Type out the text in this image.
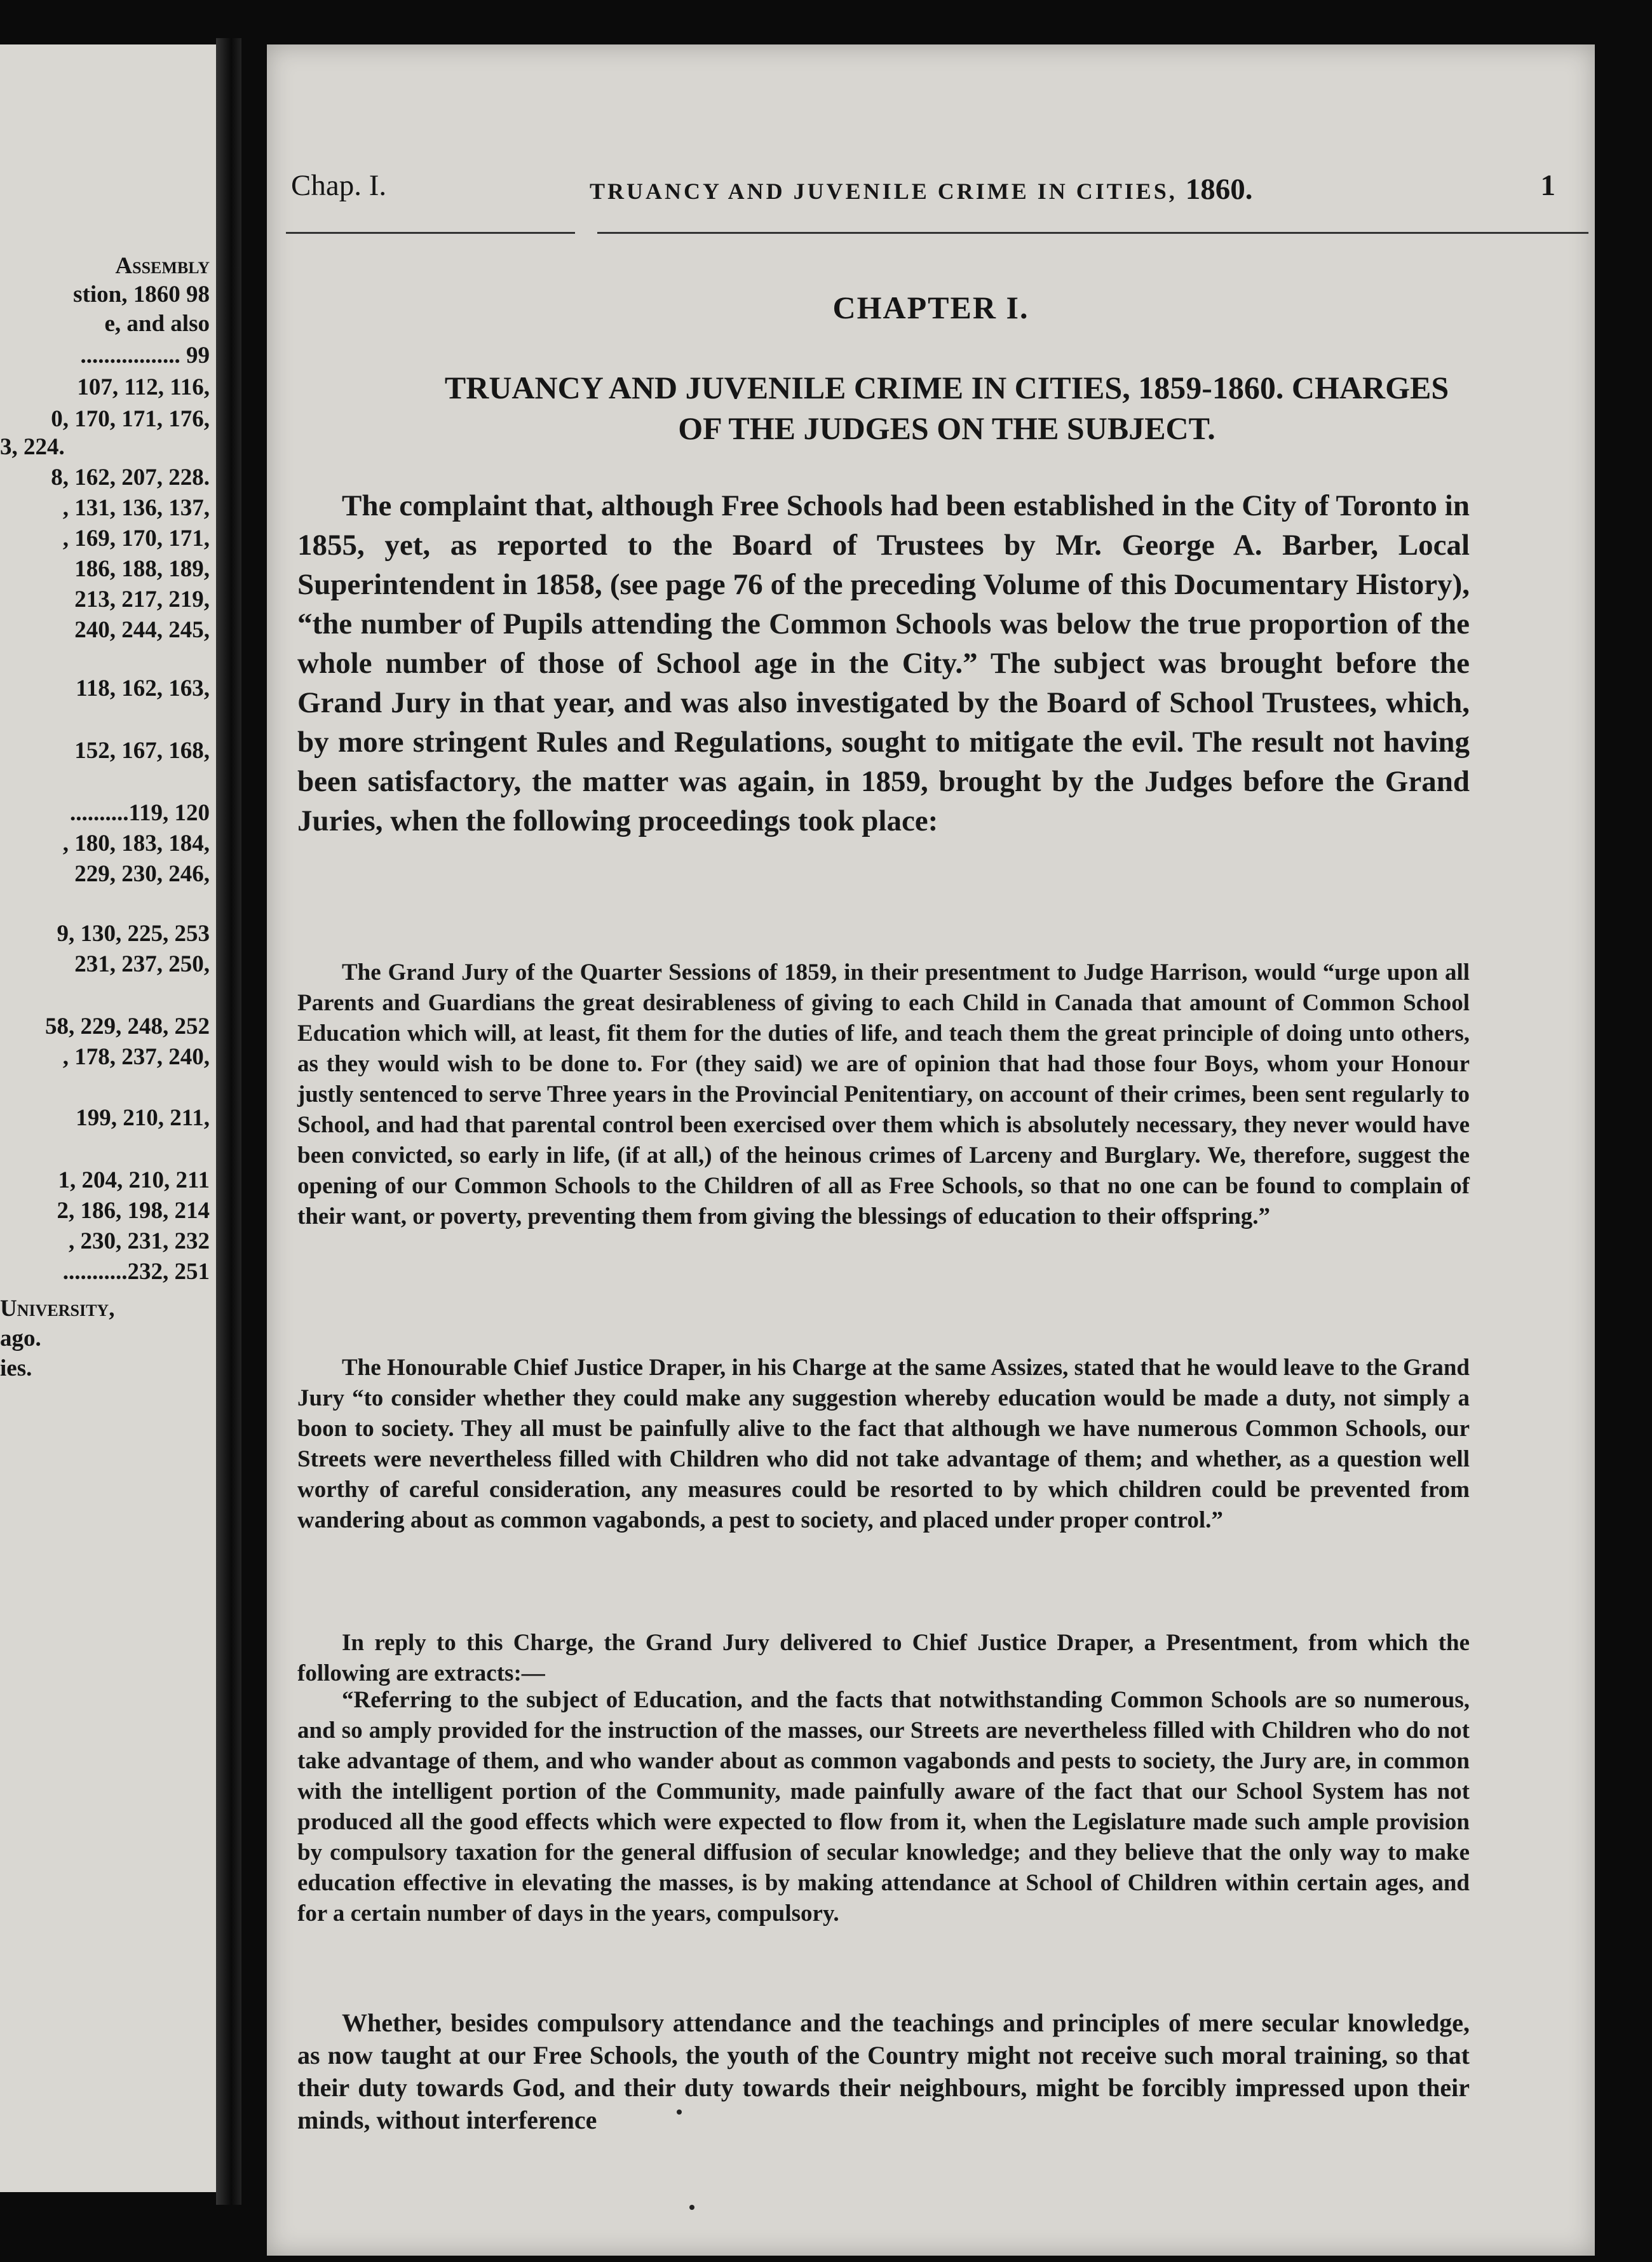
Assembly
stion, 1860 98
e, and also
................. 99
107, 112, 116,
0, 170, 171, 176,
3, 224.
8, 162, 207, 228.
, 131, 136, 137,
, 169, 170, 171,
186, 188, 189,
213, 217, 219,
240, 244, 245,
118, 162, 163,
152, 167, 168,
..........119, 120
, 180, 183, 184,
229, 230, 246,
9, 130, 225, 253
231, 237, 250,
58, 229, 248, 252
, 178, 237, 240,
199, 210, 211,
1, 204, 210, 211
2, 186, 198, 214
, 230, 231, 232
...........232, 251
University,
ago.
ies.
Chap. I.	TRUANCY AND JUVENILE CRIME IN CITIES, 1860.	1
CHAPTER I.
TRUANCY AND JUVENILE CRIME IN CITIES, 1859-1860. CHARGES
OF THE JUDGES ON THE SUBJECT.

The complaint that, although Free Schools had been established in the City of Toronto in 1855, yet, as reported to the Board of Trustees by Mr. George A. Barber, Local Superintendent in 1858, (see page 76 of the preceding Volume of this Documentary History), “the number of Pupils attending the Common Schools was below the true proportion of the whole number of those of School age in the City.” The subject was brought before the Grand Jury in that year, and was also investigated by the Board of School Trustees, which, by more stringent Rules and Regulations, sought to mitigate the evil. The result not having been satisfactory, the matter was again, in 1859, brought by the Judges before the Grand Juries, when the following proceedings took place:

The Grand Jury of the Quarter Sessions of 1859, in their presentment to Judge Harrison, would “urge upon all Parents and Guardians the great desirableness of giving to each Child in Canada that amount of Common School Education which will, at least, fit them for the duties of life, and teach them the great principle of doing unto others, as they would wish to be done to. For (they said) we are of opinion that had those four Boys, whom your Honour justly sentenced to serve Three years in the Provincial Penitentiary, on account of their crimes, been sent regularly to School, and had that parental control been exercised over them which is absolutely necessary, they never would have been convicted, so early in life, (if at all,) of the heinous crimes of Larceny and Burglary. We, therefore, suggest the opening of our Common Schools to the Children of all as Free Schools, so that no one can be found to complain of their want, or poverty, preventing them from giving the blessings of education to their offspring.”

The Honourable Chief Justice Draper, in his Charge at the same Assizes, stated that he would leave to the Grand Jury “to consider whether they could make any suggestion whereby education would be made a duty, not simply a boon to society. They all must be painfully alive to the fact that although we have numerous Common Schools, our Streets were nevertheless filled with Children who did not take advantage of them; and whether, as a question well worthy of careful consideration, any measures could be resorted to by which children could be prevented from wandering about as common vagabonds, a pest to society, and placed under proper control.”

In reply to this Charge, the Grand Jury delivered to Chief Justice Draper, a Presentment, from which the following are extracts:—

“Referring to the subject of Education, and the facts that notwithstanding Common Schools are so numerous, and so amply provided for the instruction of the masses, our Streets are nevertheless filled with Children who do not take advantage of them, and who wander about as common vagabonds and pests to society, the Jury are, in common with the intelligent portion of the Community, made painfully aware of the fact that our School System has not produced all the good effects which were expected to flow from it, when the Legislature made such ample provision by compulsory taxation for the general diffusion of secular knowledge; and they believe that the only way to make education effective in elevating the masses, is by making attendance at School of Children within certain ages, and for a certain number of days in the years, compulsory.

Whether, besides compulsory attendance and the teachings and principles of mere secular knowledge, as now taught at our Free Schools, the youth of the Country might not receive such moral training, so that their duty towards God, and their duty towards their neighbours, might be forcibly impressed upon their minds, without interference
